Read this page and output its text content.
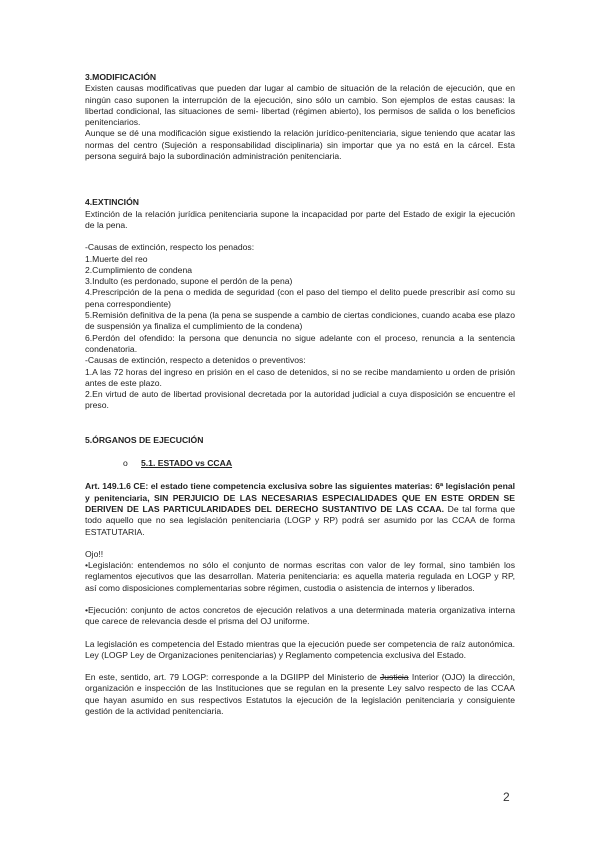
3.MODIFICACIÓN

Existen causas modificativas que pueden dar lugar al cambio de situación de la relación de ejecución, que en ningún caso suponen la interrupción de la ejecución, sino sólo un cambio. Son ejemplos de estas causas: la libertad condicional, las situaciones de semi- libertad (régimen abierto), los permisos de salida o los beneficios penitenciarios.

Aunque se dé una modificación sigue existiendo la relación jurídico-penitenciaria, sigue teniendo que acatar las normas del centro (Sujeción a responsabilidad disciplinaria) sin importar que ya no está en la cárcel. Esta persona seguirá bajo la subordinación administración penitenciaria.

4.EXTINCIÓN

Extinción de la relación jurídica penitenciaria supone la incapacidad por parte del Estado de exigir la ejecución de la pena.

-Causas de extinción, respecto los penados:

1.Muerte del reo

2.Cumplimiento de condena

3.Indulto (es perdonado, supone el perdón de la pena)

4.Prescripción de la pena o medida de seguridad (con el paso del tiempo el delito puede prescribir así como su pena correspondiente)

5.Remisión definitiva de la pena (la pena se suspende a cambio de ciertas condiciones, cuando acaba ese plazo de suspensión ya finaliza el cumplimiento de la condena)

6.Perdón del ofendido: la persona que denuncia no sigue adelante con el proceso, renuncia a la sentencia condenatoria.

-Causas de extinción, respecto a detenidos o preventivos:

1.A las 72 horas del ingreso en prisión en el caso de detenidos, si no se recibe mandamiento u orden de prisión antes de este plazo.

2.En virtud de auto de libertad provisional decretada por la autoridad judicial a cuya disposición se encuentre el preso.

5.ÓRGANOS DE EJECUCIÓN

o	5.1. ESTADO vs CCAA

Art. 149.1.6 CE: el estado tiene competencia exclusiva sobre las siguientes materias: 6ª legislación penal y penitenciaria, SIN PERJUICIO DE LAS NECESARIAS ESPECIALIDADES QUE EN ESTE ORDEN SE DERIVEN DE LAS PARTICULARIDADES DEL DERECHO SUSTANTIVO DE LAS CCAA. De tal forma que todo aquello que no sea legislación penitenciaria (LOGP y RP) podrá ser asumido por las CCAA de forma ESTATUTARIA.

Ojo!!

•Legislación: entendemos no sólo el conjunto de normas escritas con valor de ley formal, sino también los reglamentos ejecutivos que las desarrollan. Materia penitenciaria: es aquella materia regulada en LOGP y RP, así como disposiciones complementarias sobre régimen, custodia o asistencia de internos y liberados.

•Ejecución: conjunto de actos concretos de ejecución relativos a una determinada materia organizativa interna que carece de relevancia desde el prisma del OJ uniforme.

La legislación es competencia del Estado mientras que la ejecución puede ser competencia de raíz autonómica. Ley (LOGP Ley de Organizaciones penitenciarias) y Reglamento competencia exclusiva del Estado.

En este, sentido, art. 79 LOGP: corresponde a la DGIIPP del Ministerio de Justicia Interior (OJO) la dirección, organización e inspección de las Instituciones que se regulan en la presente Ley salvo respecto de las CCAA que hayan asumido en sus respectivos Estatutos la ejecución de la legislación penitenciaria y consiguiente gestión de la actividad penitenciaria.

2
